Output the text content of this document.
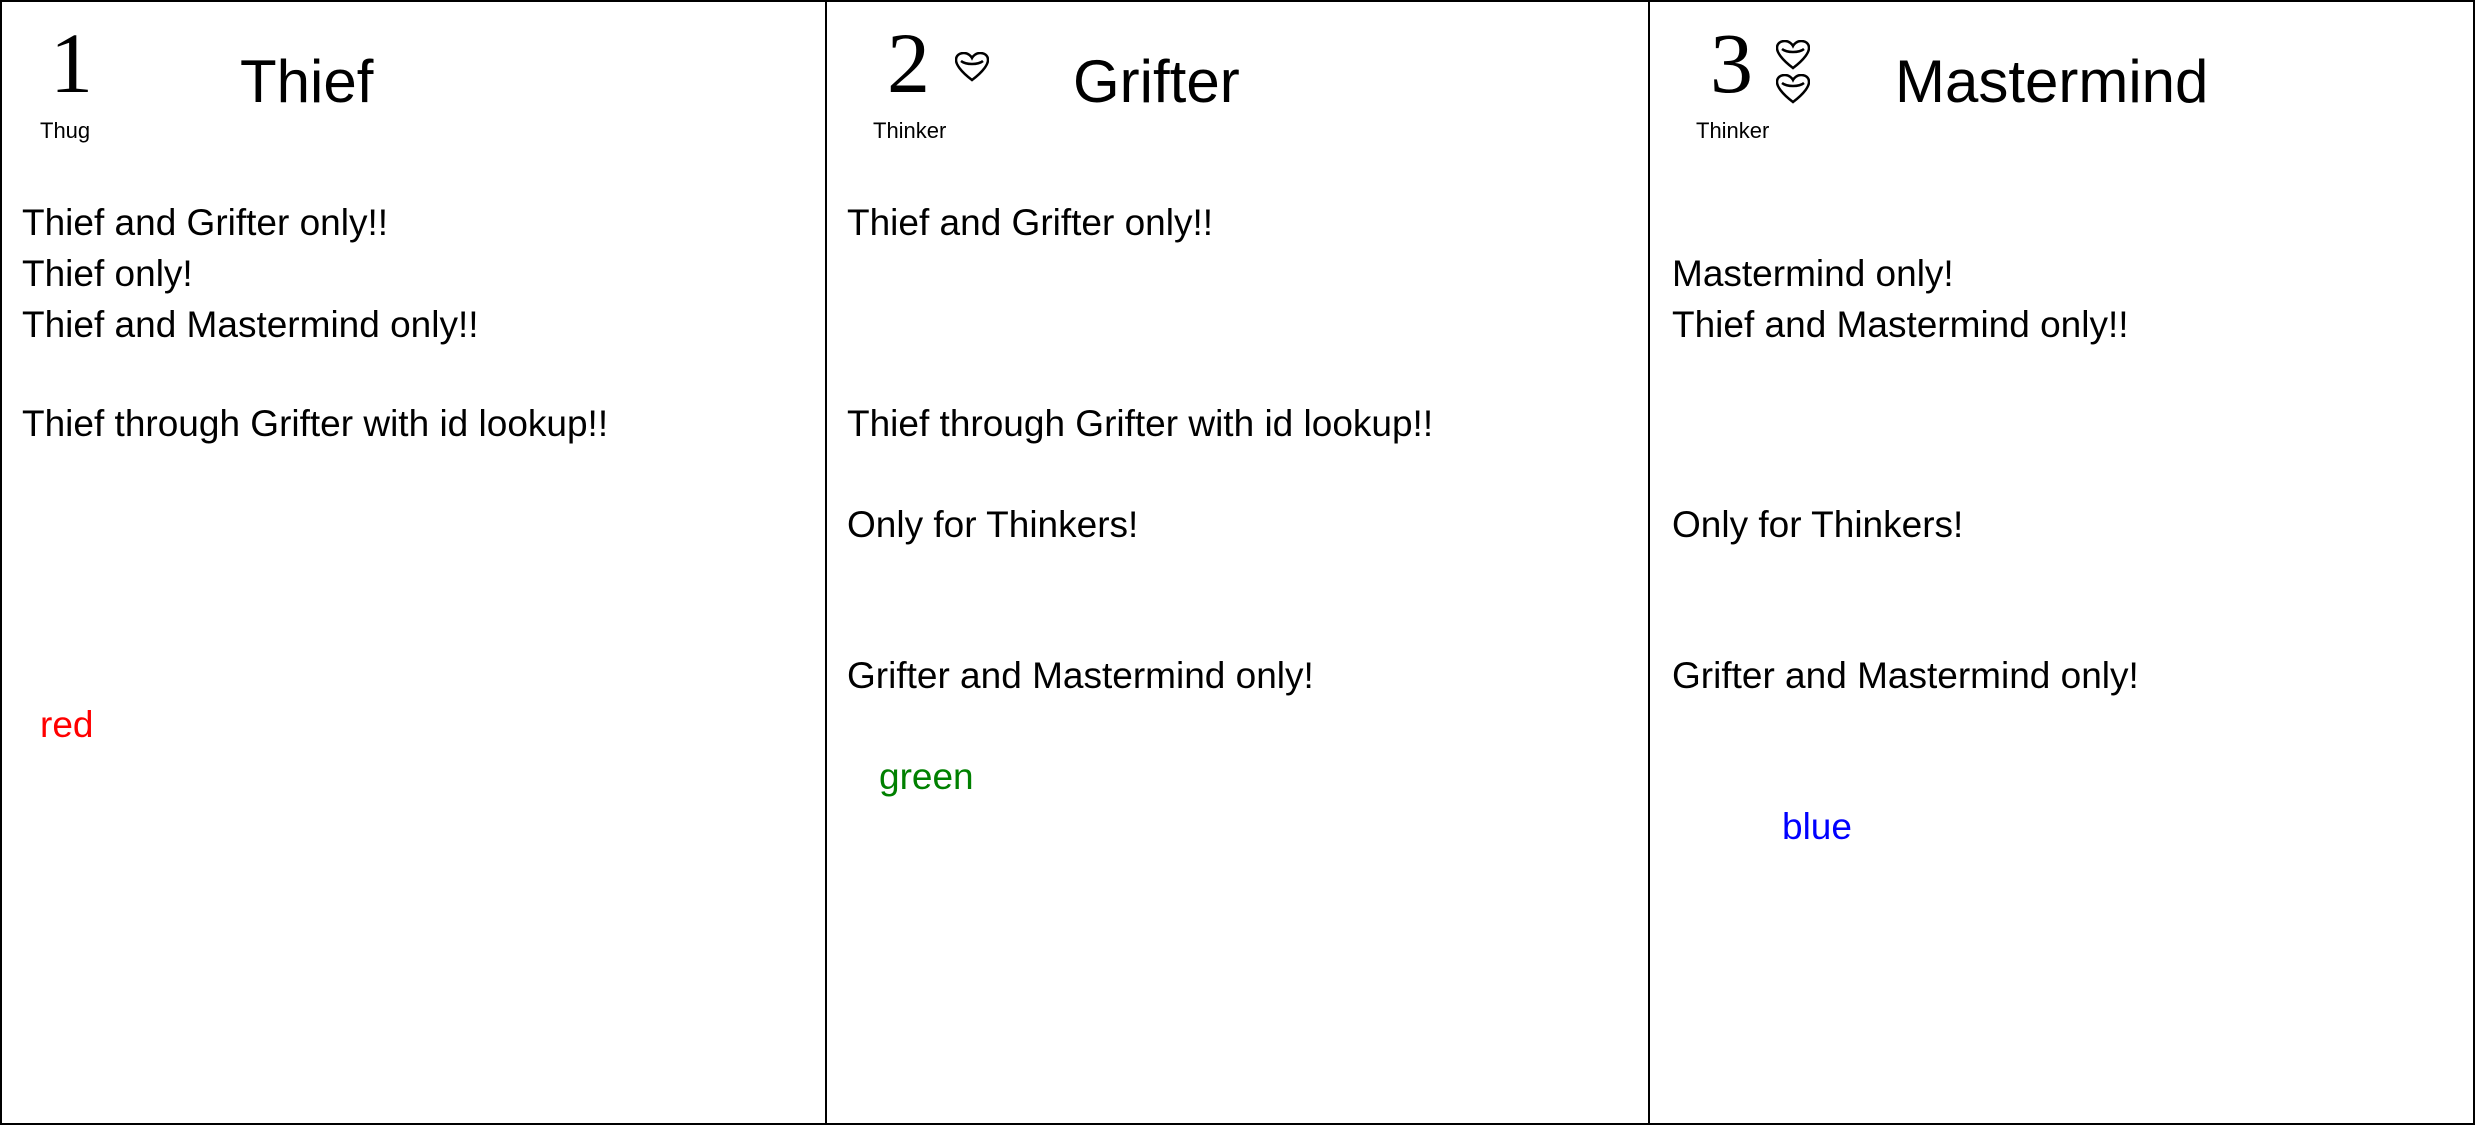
1
Thug
Thief
Thief and Grifter only!!
Thief only!
Thief and Mastermind only!!
Thief through Grifter with id lookup!!
red
2
Thinker
Grifter
Thief and Grifter only!!
Thief through Grifter with id lookup!!
Only for Thinkers!
Grifter and Mastermind only!
green
3
Thinker
Mastermind
Mastermind only!
Thief and Mastermind only!!
Only for Thinkers!
Grifter and Mastermind only!
blue
